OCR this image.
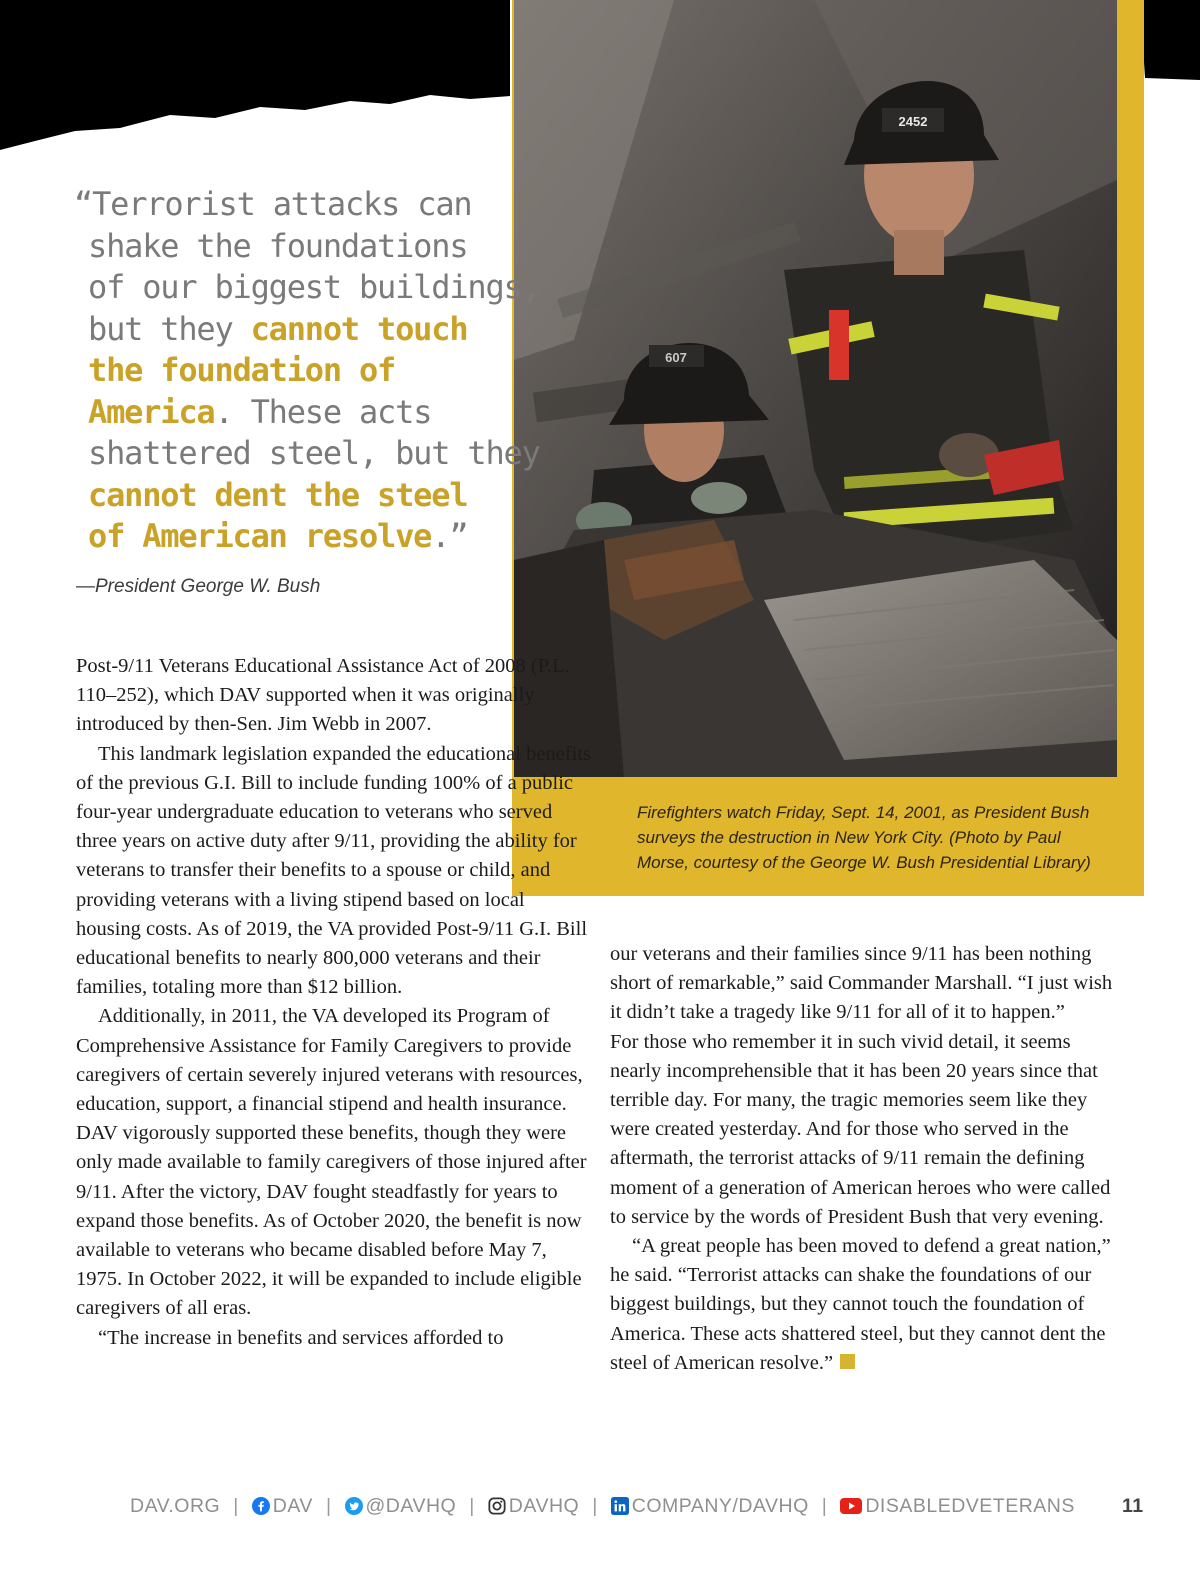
2452
607
Firefighters watch Friday, Sept. 14, 2001, as President Bush surveys the destruction in New York City. (Photo by Paul Morse, courtesy of the George W. Bush Presidential Library)
“Terrorist attacks can
shake the foundations
of our biggest buildings,
but they cannot touch
the foundation of
America. These acts
shattered steel, but they
cannot dent the steel
of American resolve.”
—President George W. Bush

Post-9/11 Veterans Educational Assistance Act of 2008 (P.L. 110–252), which DAV supported when it was originally introduced by then-Sen. Jim Webb in 2007.

This landmark legislation expanded the educational benefits of the previous G.I. Bill to include funding 100% of a public four-year undergraduate education to veterans who served three years on active duty after 9/11, providing the ability for veterans to transfer their benefits to a spouse or child, and providing veterans with a living stipend based on local housing costs. As of 2019, the VA provided Post-9/11 G.I. Bill educational benefits to nearly 800,000 veterans and their families, totaling more than $12 billion.

Additionally, in 2011, the VA developed its Program of Comprehensive Assistance for Family Caregivers to provide caregivers of certain severely injured veterans with resources, education, support, a financial stipend and health insurance. DAV vigorously supported these benefits, though they were only made available to family caregivers of those injured after 9/11. After the victory, DAV fought steadfastly for years to expand those benefits. As of October 2020, the benefit is now available to veterans who became disabled before May 7, 1975. In October 2022, it will be expanded to include eligible caregivers of all eras.

“The increase in benefits and services afforded to

our veterans and their families since 9/11 has been nothing short of remarkable,” said Commander Marshall. “I just wish it didn’t take a tragedy like 9/11 for all of it to happen.”

For those who remember it in such vivid detail, it seems nearly incomprehensible that it has been 20 years since that terrible day. For many, the tragic memories seem like they were created yesterday. And for those who served in the aftermath, the terrorist attacks of 9/11 remain the defining moment of a generation of American heroes who were called to service by the words of President Bush that very evening.

“A great people has been moved to defend a great nation,” he said. “Terrorist attacks can shake the foundations of our biggest buildings, but they cannot touch the foundation of America. These acts shattered steel, but they cannot dent the steel of American resolve.”

DAV.ORG | DAV | @DAVHQ | DAVHQ | COMPANY/DAVHQ | DISABLEDVETERANS 11
